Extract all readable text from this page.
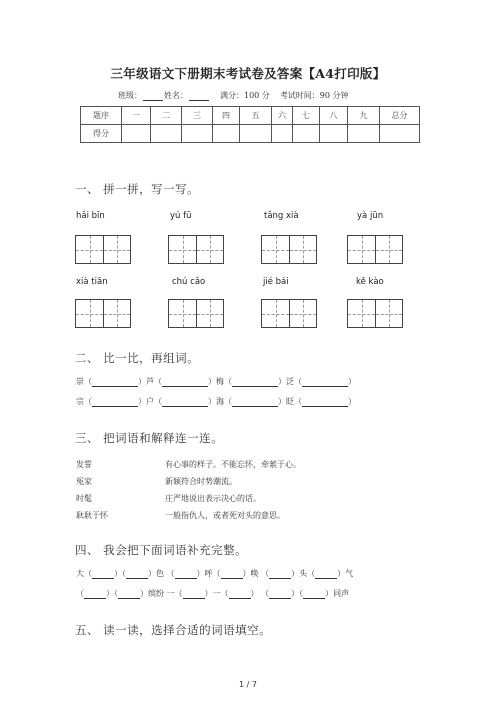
三年级语文下册期末考试卷及答案【A4打印版】
班级：	姓名：	满分：100 分 考试时间：90 分钟
题序	一	二	三	四	五	六	七	八	九	总分
得分										
一、 拼一拼，写一写。
hǎi bīn	yú fū	tǎng xià	yà jūn
xià tiān	chú cǎo	jié bái	kě kào
二、 比一比，再组词。
崇（	）芦（	）梅（	）泛（	）
宗（	）户（	）海（	）眨（	）
三、 把词语和解释连一连。
发誓
冤家
时髦
耿耿于怀
有心事的样子。不能忘怀，牵萦于心。
新颖符合时势潮流。
庄严地说出表示决心的话。
一般指仇人，或者死对头的意思。
四、 我会把下面词语补充完整。
大（	）（	）色 （	）呼（	）唤 （	）头（	）气
（	）（	）缤纷 一（	）一（	） （	）（	）同声
五、 读一读，选择合适的词语填空。
1 / 7
